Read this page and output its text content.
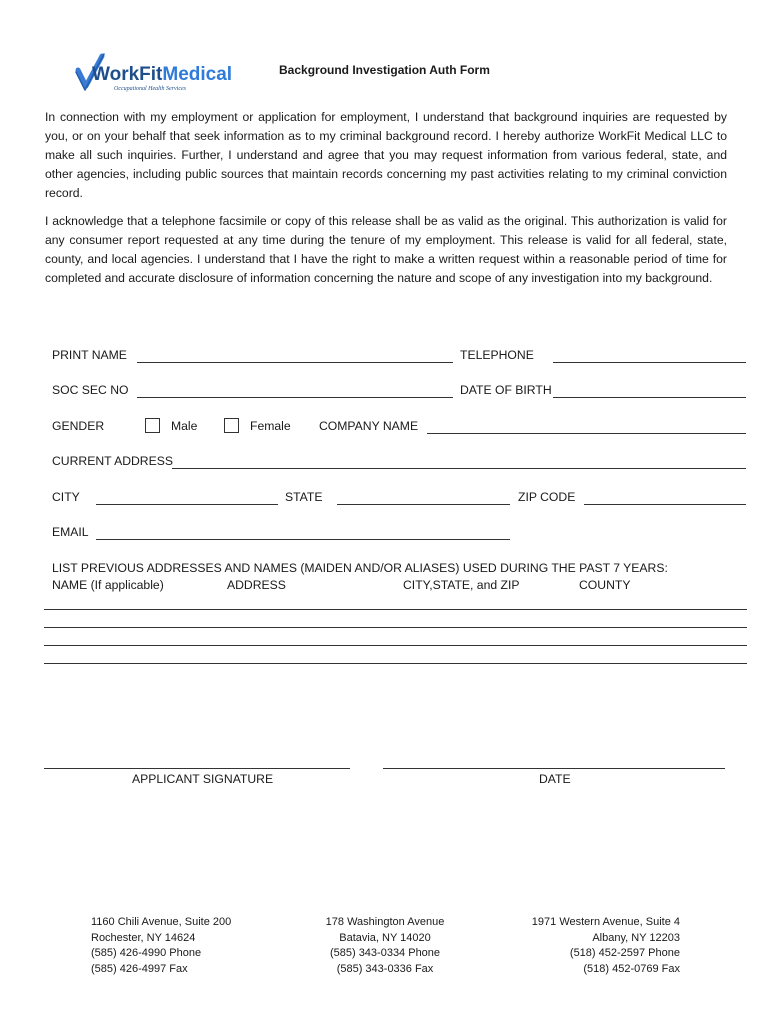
WorkFitMedical
Occupational Health Services
Background Investigation Auth Form

In connection with my employment or application for employment, I understand that background inquiries are requested by you, or on your behalf that seek information as to my criminal background record. I hereby authorize WorkFit Medical LLC to make all such inquiries. Further, I understand and agree that you may request information from various federal, state, and other agencies, including public sources that maintain records concerning my past activities relating to my criminal conviction record.

I acknowledge that a telephone facsimile or copy of this release shall be as valid as the original. This authorization is valid for any consumer report requested at any time during the tenure of my employment. This release is valid for all federal, state, county, and local agencies. I understand that I have the right to make a written request within a reasonable period of time for completed and accurate disclosure of information concerning the nature and scope of any investigation into my background.

PRINT NAME	TELEPHONE
SOC SEC NO	DATE OF BIRTH
GENDER	Male	Female COMPANY NAME
CURRENT ADDRESS
CITY	STATE	ZIP CODE
EMAIL
LIST PREVIOUS ADDRESSES AND NAMES (MAIDEN AND/OR ALIASES) USED DURING THE PAST 7 YEARS:
NAME (If applicable)	ADDRESS	CITY,STATE, and ZIP	COUNTY
APPLICANT SIGNATURE	DATE
1160 Chili Avenue, Suite 200
Rochester, NY 14624
(585) 426-4990 Phone
(585) 426-4997 Fax
178 Washington Avenue
Batavia, NY 14020
(585) 343-0334 Phone
(585) 343-0336 Fax
1971 Western Avenue, Suite 4
Albany, NY 12203
(518) 452-2597 Phone
(518) 452-0769 Fax
